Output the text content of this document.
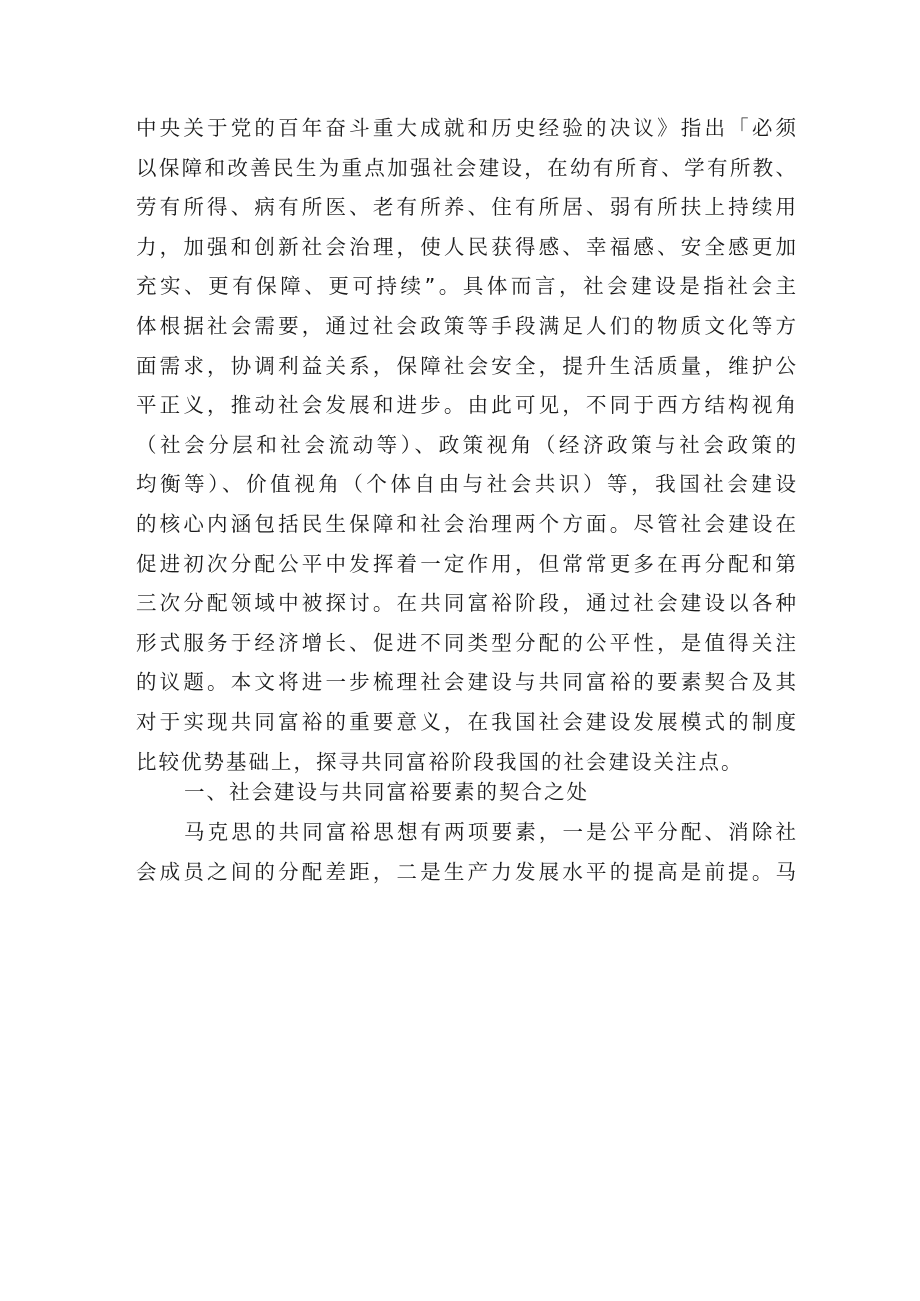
中央关于党的百年奋斗重大成就和历史经验的决议》指出「必须
以保障和改善民生为重点加强社会建设，在幼有所育、学有所教、
劳有所得、病有所医、老有所养、住有所居、弱有所扶上持续用
力，加强和创新社会治理，使人民获得感、幸福感、安全感更加
充实、更有保障、更可持续”。具体而言，社会建设是指社会主
体根据社会需要，通过社会政策等手段满足人们的物质文化等方
面需求，协调利益关系，保障社会安全，提升生活质量，维护公
平正义，推动社会发展和进步。由此可见，不同于西方结构视角
（社会分层和社会流动等）、政策视角（经济政策与社会政策的
均衡等）、价值视角（个体自由与社会共识）等，我国社会建设
的核心内涵包括民生保障和社会治理两个方面。尽管社会建设在
促进初次分配公平中发挥着一定作用，但常常更多在再分配和第
三次分配领域中被探讨。在共同富裕阶段，通过社会建设以各种
形式服务于经济增长、促进不同类型分配的公平性，是值得关注
的议题。本文将进一步梳理社会建设与共同富裕的要素契合及其
对于实现共同富裕的重要意义，在我国社会建设发展模式的制度
比较优势基础上，探寻共同富裕阶段我国的社会建设关注点。
一、社会建设与共同富裕要素的契合之处
马克思的共同富裕思想有两项要素，一是公平分配、消除社
会成员之间的分配差距，二是生产力发展水平的提高是前提。马
